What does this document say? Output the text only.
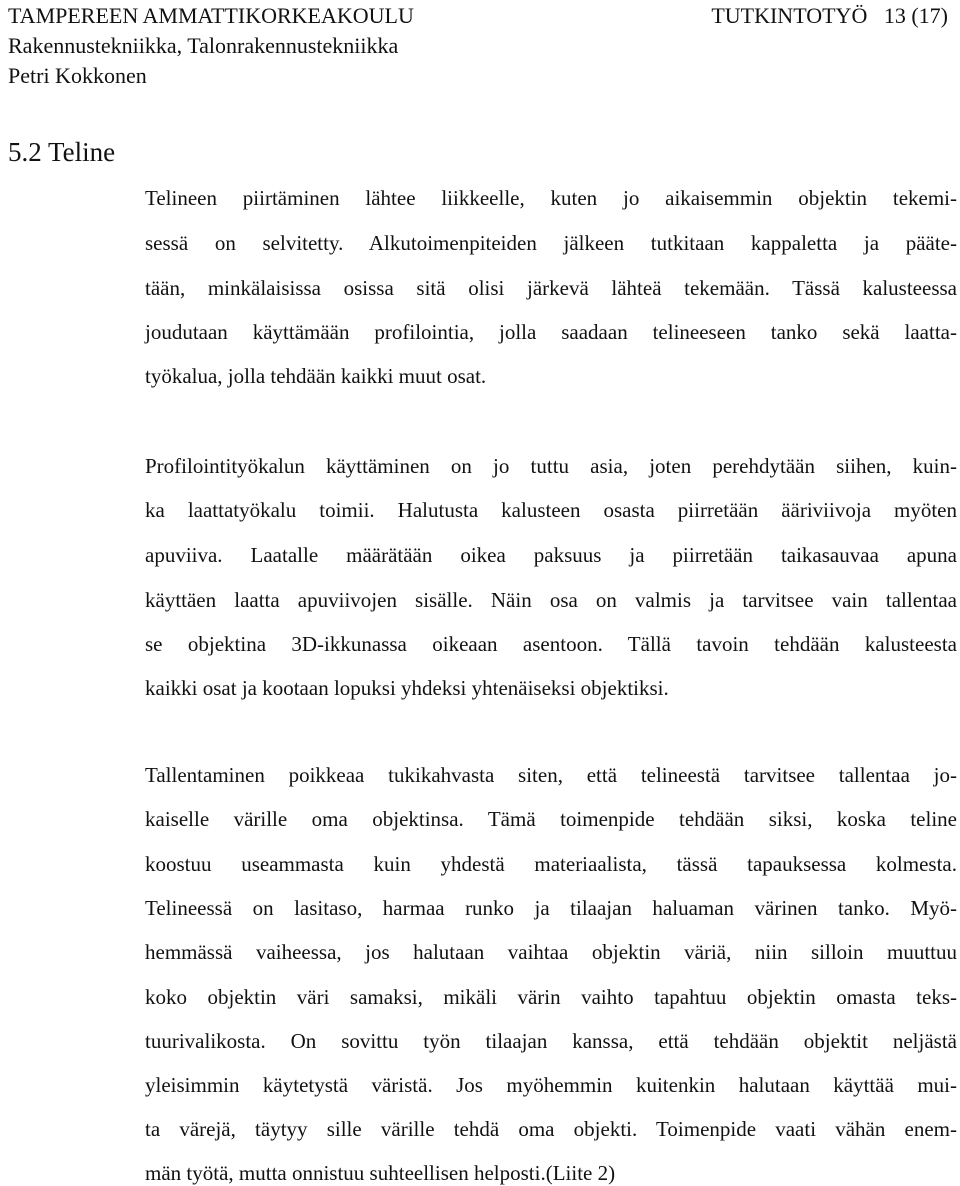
TAMPEREEN AMMATTIKORKEAKOULU
Rakennustekniikka, Talonrakennustekniikka
Petri Kokkonen
TUTKINTOTYÖ 13 (17)
5.2 Teline
Telineen piirtäminen lähtee liikkeelle, kuten jo aikaisemmin objektin tekemi-
sessä on selvitetty. Alkutoimenpiteiden jälkeen tutkitaan kappaletta ja pääte-
tään, minkälaisissa osissa sitä olisi järkevä lähteä tekemään. Tässä kalusteessa
joudutaan käyttämään profilointia, jolla saadaan telineeseen tanko sekä laatta-
työkalua, jolla tehdään kaikki muut osat.
Profilointityökalun käyttäminen on jo tuttu asia, joten perehdytään siihen, kuin-
ka laattatyökalu toimii. Halutusta kalusteen osasta piirretään ääriviivoja myöten
apuviiva. Laatalle määrätään oikea paksuus ja piirretään taikasauvaa apuna
käyttäen laatta apuviivojen sisälle. Näin osa on valmis ja tarvitsee vain tallentaa
se objektina 3D-ikkunassa oikeaan asentoon. Tällä tavoin tehdään kalusteesta
kaikki osat ja kootaan lopuksi yhdeksi yhtenäiseksi objektiksi.
Tallentaminen poikkeaa tukikahvasta siten, että telineestä tarvitsee tallentaa jo-
kaiselle värille oma objektinsa. Tämä toimenpide tehdään siksi, koska teline
koostuu useammasta kuin yhdestä materiaalista, tässä tapauksessa kolmesta.
Telineessä on lasitaso, harmaa runko ja tilaajan haluaman värinen tanko. Myö-
hemmässä vaiheessa, jos halutaan vaihtaa objektin väriä, niin silloin muuttuu
koko objektin väri samaksi, mikäli värin vaihto tapahtuu objektin omasta teks-
tuurivalikosta. On sovittu työn tilaajan kanssa, että tehdään objektit neljästä
yleisimmin käytetystä väristä. Jos myöhemmin kuitenkin halutaan käyttää mui-
ta värejä, täytyy sille värille tehdä oma objekti. Toimenpide vaati vähän enem-
män työtä, mutta onnistuu suhteellisen helposti.(Liite 2)
